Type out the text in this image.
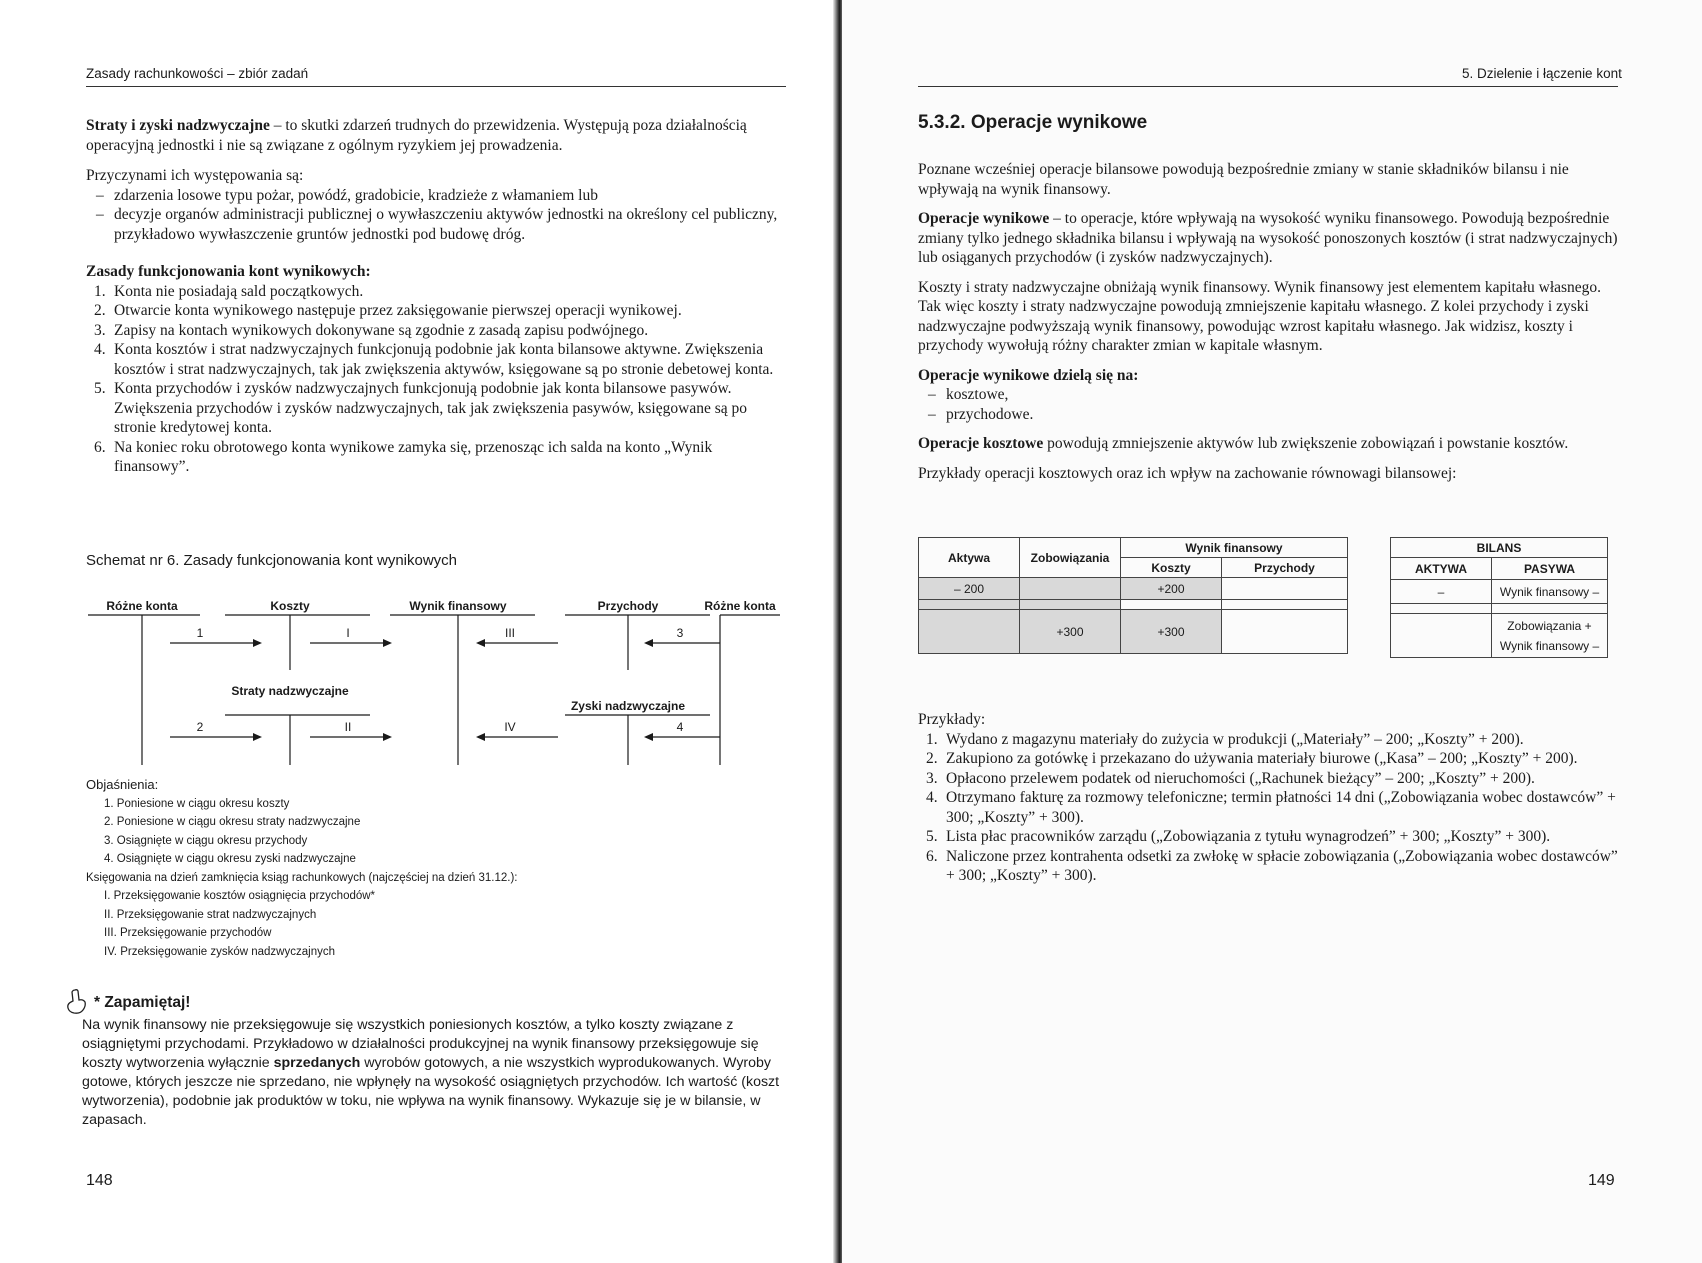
Zasady rachunkowości – zbiór zadań

Straty i zyski nadzwyczajne – to skutki zdarzeń trudnych do przewidzenia. Występują poza działalnością operacyjną jednostki i nie są związane z ogólnym ryzykiem jej prowadzenia.

Przyczynami ich występowania są:

– zdarzenia losowe typu pożar, powódź, gradobicie, kradzieże z włamaniem lub
– decyzje organów administracji publicznej o wywłaszczeniu aktywów jednostki na określony cel publiczny, przykładowo wywłaszczenie gruntów jednostki pod budowę dróg.

Zasady funkcjonowania kont wynikowych:

1. Konta nie posiadają sald początkowych.
2. Otwarcie konta wynikowego następuje przez zaksięgowanie pierwszej operacji wynikowej.
3. Zapisy na kontach wynikowych dokonywane są zgodnie z zasadą zapisu podwójnego.
4. Konta kosztów i strat nadzwyczajnych funkcjonują podobnie jak konta bilansowe aktywne. Zwiększenia kosztów i strat nadzwyczajnych, tak jak zwiększenia aktywów, księgowane są po stronie debetowej konta.
5. Konta przychodów i zysków nadzwyczajnych funkcjonują podobnie jak konta bilansowe pasywów. Zwiększenia przychodów i zysków nadzwyczajnych, tak jak zwiększenia pasywów, księgowane są po stronie kredytowej konta.
6. Na koniec roku obrotowego konta wynikowe zamyka się, przenosząc ich salda na konto „Wynik finansowy”.
Schemat nr 6. Zasady funkcjonowania kont wynikowych
Różne konta	Koszty	Wynik finansowy	Przychody	Różne konta
Straty nadzwyczajne
Zyski nadzwyczajne
1
2
3
4
I
II
III
IV
Objaśnienia:
1. Poniesione w ciągu okresu koszty
2. Poniesione w ciągu okresu straty nadzwyczajne
3. Osiągnięte w ciągu okresu przychody
4. Osiągnięte w ciągu okresu zyski nadzwyczajne
Księgowania na dzień zamknięcia ksiąg rachunkowych (najczęściej na dzień 31.12.):
I. Przeksięgowanie kosztów osiągnięcia przychodów*
II. Przeksięgowanie strat nadzwyczajnych
III. Przeksięgowanie przychodów
IV. Przeksięgowanie zysków nadzwyczajnych
* Zapamiętaj!
Na wynik finansowy nie przeksięgowuje się wszystkich poniesionych kosztów, a tylko koszty związane z osiągniętymi przychodami. Przykładowo w działalności produkcyjnej na wynik finansowy przeksięgowuje się koszty wytworzenia wyłącznie sprzedanych wyrobów gotowych, a nie wszystkich wyprodukowanych. Wyroby gotowe, których jeszcze nie sprzedano, nie wpłynęły na wysokość osiągniętych przychodów. Ich wartość (koszt wytworzenia), podobnie jak produktów w toku, nie wpływa na wynik finansowy. Wykazuje się je w bilansie, w zapasach.
148
5. Dzielenie i łączenie kont
5.3.2. Operacje wynikowe

Poznane wcześniej operacje bilansowe powodują bezpośrednie zmiany w stanie składników bilansu i nie wpływają na wynik finansowy.

Operacje wynikowe – to operacje, które wpływają na wysokość wyniku finansowego. Powodują bezpośrednie zmiany tylko jednego składnika bilansu i wpływają na wysokość ponoszonych kosztów (i strat nadzwyczajnych) lub osiąganych przychodów (i zysków nadzwyczajnych).

Koszty i straty nadzwyczajne obniżają wynik finansowy. Wynik finansowy jest elementem kapitału własnego. Tak więc koszty i straty nadzwyczajne powodują zmniejszenie kapitału własnego. Z kolei przychody i zyski nadzwyczajne podwyższają wynik finansowy, powodując wzrost kapitału własnego. Jak widzisz, koszty i przychody wywołują różny charakter zmian w kapitale własnym.

Operacje wynikowe dzielą się na:

– kosztowe,
– przychodowe.

Operacje kosztowe powodują zmniejszenie aktywów lub zwiększenie zobowiązań i powstanie kosztów.

Przykłady operacji kosztowych oraz ich wpływ na zachowanie równowagi bilansowej:

Aktywa	Zobowiązania	Wynik finansowy	
		Koszty	Przychody
– 200		+200	

	+300	+300	
BILANS	
AKTYWA	PASYWA
–	Wynik finansowy –

	Zobowiązania +
Wynik finansowy –

Przykłady:

1. Wydano z magazynu materiały do zużycia w produkcji („Materiały” – 200; „Koszty” + 200).
2. Zakupiono za gotówkę i przekazano do używania materiały biurowe („Kasa” – 200; „Koszty” + 200).
3. Opłacono przelewem podatek od nieruchomości („Rachunek bieżący” – 200; „Koszty” + 200).
4. Otrzymano fakturę za rozmowy telefoniczne; termin płatności 14 dni („Zobowiązania wobec dostawców” + 300; „Koszty” + 300).
5. Lista płac pracowników zarządu („Zobowiązania z tytułu wynagrodzeń” + 300; „Koszty” + 300).
6. Naliczone przez kontrahenta odsetki za zwłokę w spłacie zobowiązania („Zobowiązania wobec dostawców” + 300; „Koszty” + 300).
149
